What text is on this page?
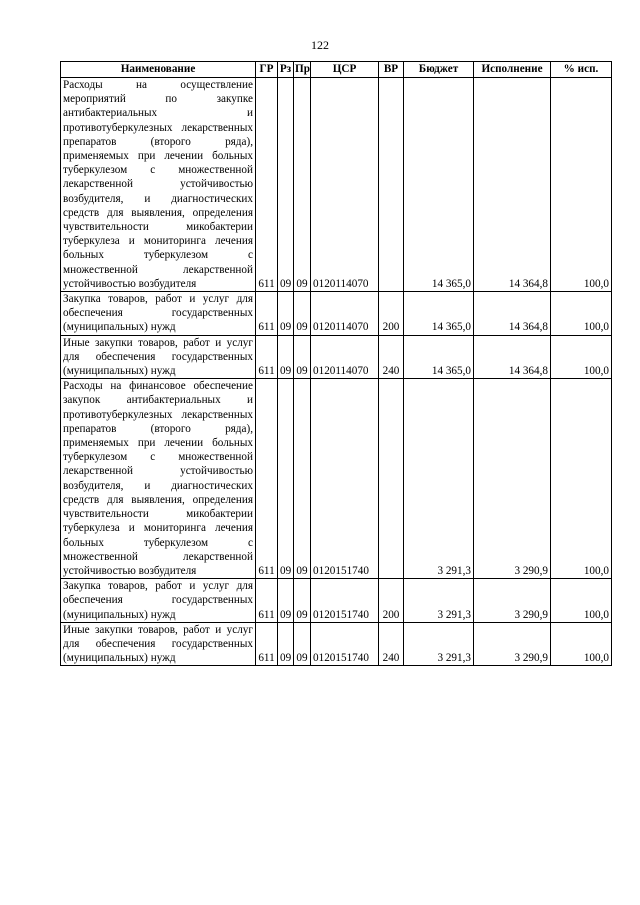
122
Наименование	ГР	Рз	Пр	ЦСР	ВР	Бюджет	Исполнение	% исп.
Расходы на осуществление мероприятий по закупке антибактериальных и противотуберкулезных лекарственных препаратов (второго ряда), применяемых при лечении больных туберкулезом с множественной лекарственной устойчивостью возбудителя, и диагностических средств для выявления, определения чувствительности микобактерии туберкулеза и мониторинга лечения больных туберкулезом с множественной лекарственной устойчивостью возбудителя	611	09	09	0120114070		14 365,0	14 364,8	100,0
Закупка товаров, работ и услуг для обеспечения государственных (муниципальных) нужд	611	09	09	0120114070	200	14 365,0	14 364,8	100,0
Иные закупки товаров, работ и услуг для обеспечения государственных (муниципальных) нужд	611	09	09	0120114070	240	14 365,0	14 364,8	100,0
Расходы на финансовое обеспечение закупок антибактериальных и противотуберкулезных лекарственных препаратов (второго ряда), применяемых при лечении больных туберкулезом с множественной лекарственной устойчивостью возбудителя, и диагностических средств для выявления, определения чувствительности микобактерии туберкулеза и мониторинга лечения больных туберкулезом с множественной лекарственной устойчивостью возбудителя	611	09	09	0120151740		3 291,3	3 290,9	100,0
Закупка товаров, работ и услуг для обеспечения государственных (муниципальных) нужд	611	09	09	0120151740	200	3 291,3	3 290,9	100,0
Иные закупки товаров, работ и услуг для обеспечения государственных (муниципальных) нужд	611	09	09	0120151740	240	3 291,3	3 290,9	100,0
